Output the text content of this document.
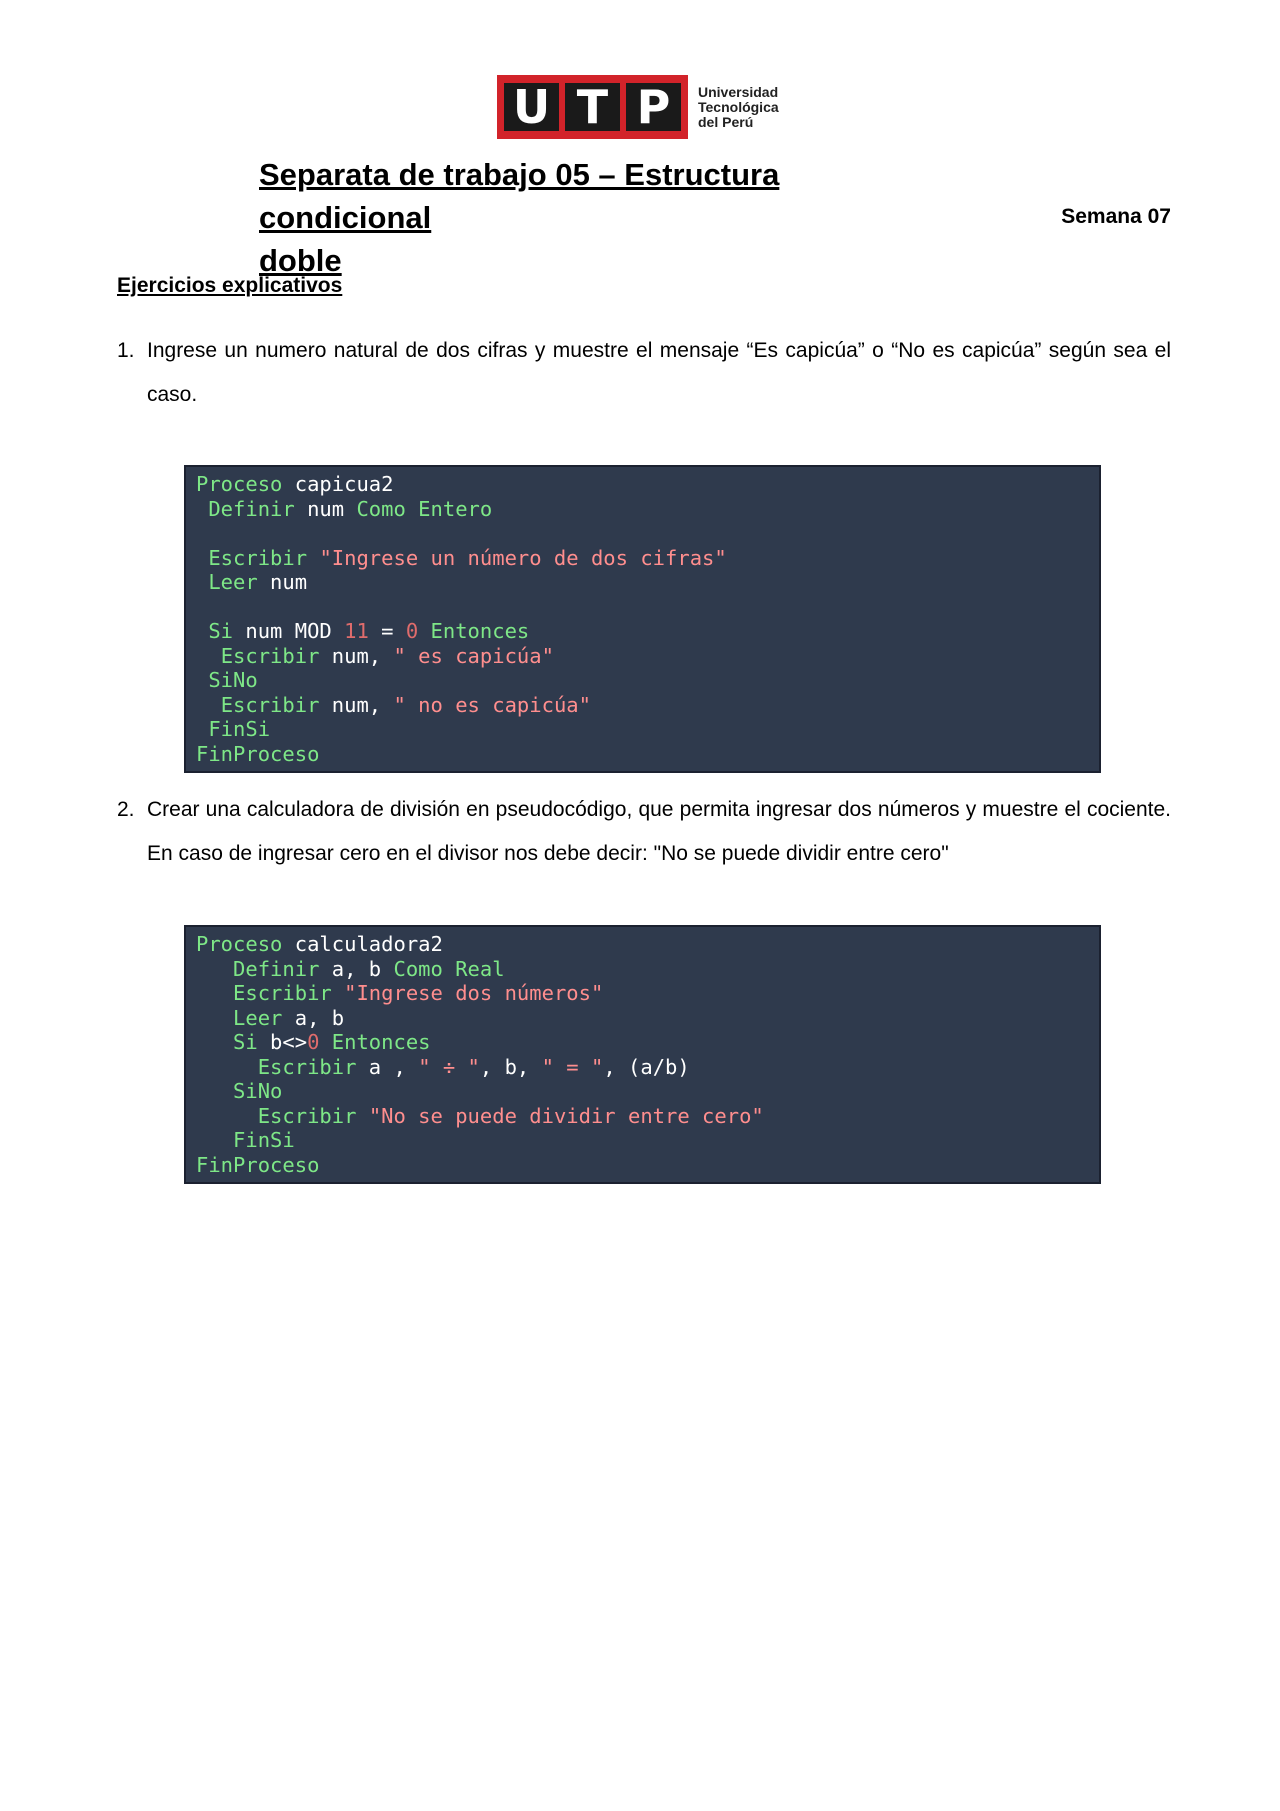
U T P	Universidad
Tecnológica
del Perú
Separata de trabajo 05 – Estructura condicional
doble
Semana 07
Ejercicios explicativos
1. Ingrese un numero natural de dos cifras y muestre el mensaje “Es capicúa” o “No es capicúa” según sea el caso.
Proceso capicua2
Definir num Como Entero
Escribir "Ingrese un número de dos cifras"
Leer num
Si num MOD 11 = 0 Entonces
Escribir num, " es capicúa"
SiNo
Escribir num, " no es capicúa"
FinSi
FinProceso
2. Crear una calculadora de división en pseudocódigo, que permita ingresar dos números y muestre el cociente. En caso de ingresar cero en el divisor nos debe decir: "No se puede dividir entre cero"
Proceso calculadora2
Definir a, b Como Real
Escribir "Ingrese dos números"
Leer a, b
Si b<>0 Entonces
Escribir a , " ÷ ", b, " = ", (a/b)
SiNo
Escribir "No se puede dividir entre cero"
FinSi
FinProceso
